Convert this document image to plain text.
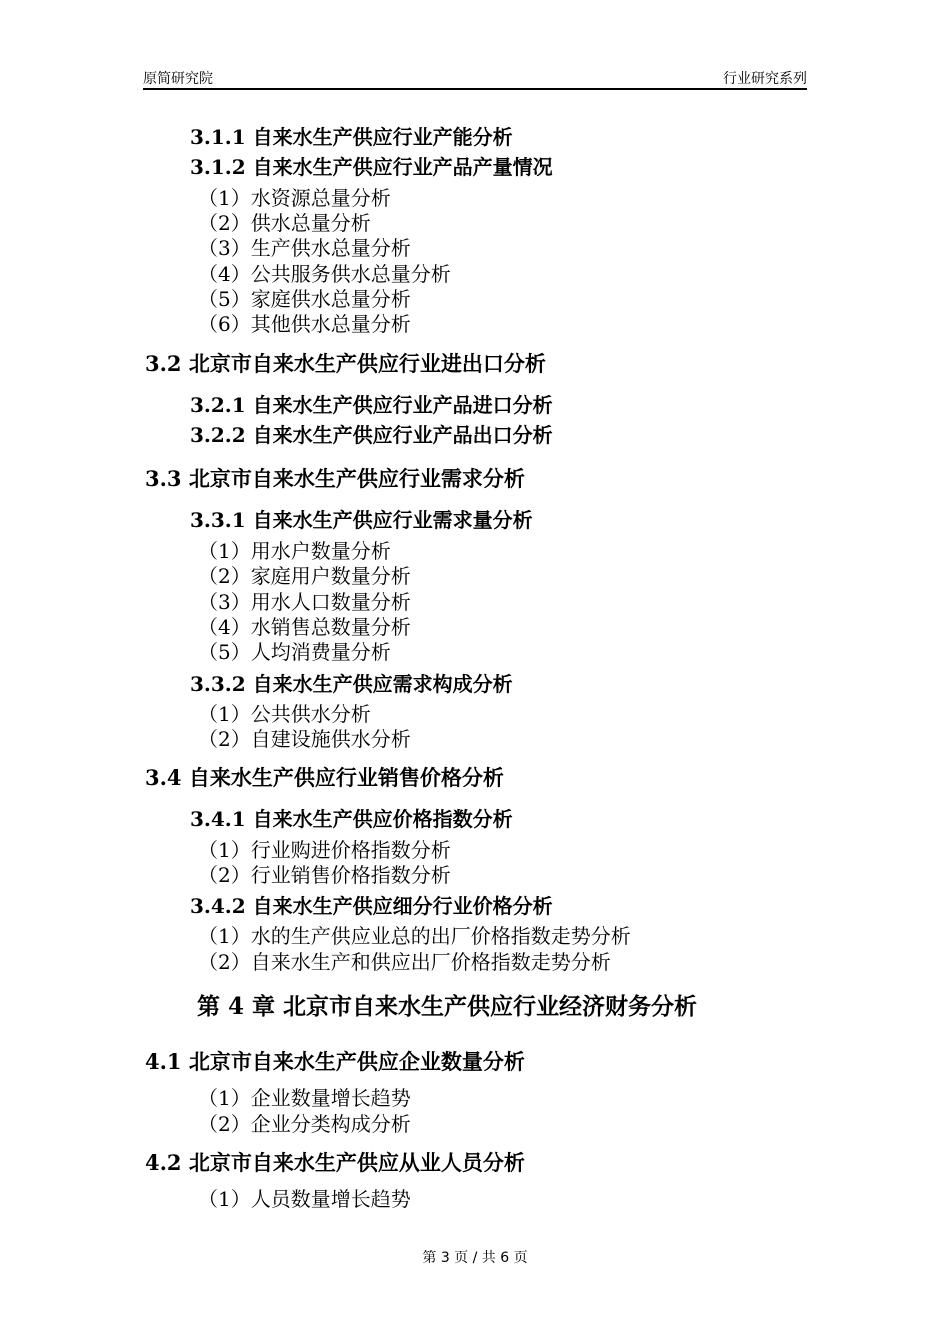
原简研究院	行业研究系列
3.1.1 自来水生产供应行业产能分析
3.1.2 自来水生产供应行业产品产量情况
（1）水资源总量分析
（2）供水总量分析
（3）生产供水总量分析
（4）公共服务供水总量分析
（5）家庭供水总量分析
（6）其他供水总量分析
3.2 北京市自来水生产供应行业进出口分析
3.2.1 自来水生产供应行业产品进口分析
3.2.2 自来水生产供应行业产品出口分析
3.3 北京市自来水生产供应行业需求分析
3.3.1 自来水生产供应行业需求量分析
（1）用水户数量分析
（2）家庭用户数量分析
（3）用水人口数量分析
（4）水销售总数量分析
（5）人均消费量分析
3.3.2 自来水生产供应需求构成分析
（1）公共供水分析
（2）自建设施供水分析
3.4 自来水生产供应行业销售价格分析
3.4.1 自来水生产供应价格指数分析
（1）行业购进价格指数分析
（2）行业销售价格指数分析
3.4.2 自来水生产供应细分行业价格分析
（1）水的生产供应业总的出厂价格指数走势分析
（2）自来水生产和供应出厂价格指数走势分析
第 4 章 北京市自来水生产供应行业经济财务分析
4.1 北京市自来水生产供应企业数量分析
（1）企业数量增长趋势
（2）企业分类构成分析
4.2 北京市自来水生产供应从业人员分析
（1）人员数量增长趋势
第 3 页 / 共 6 页
